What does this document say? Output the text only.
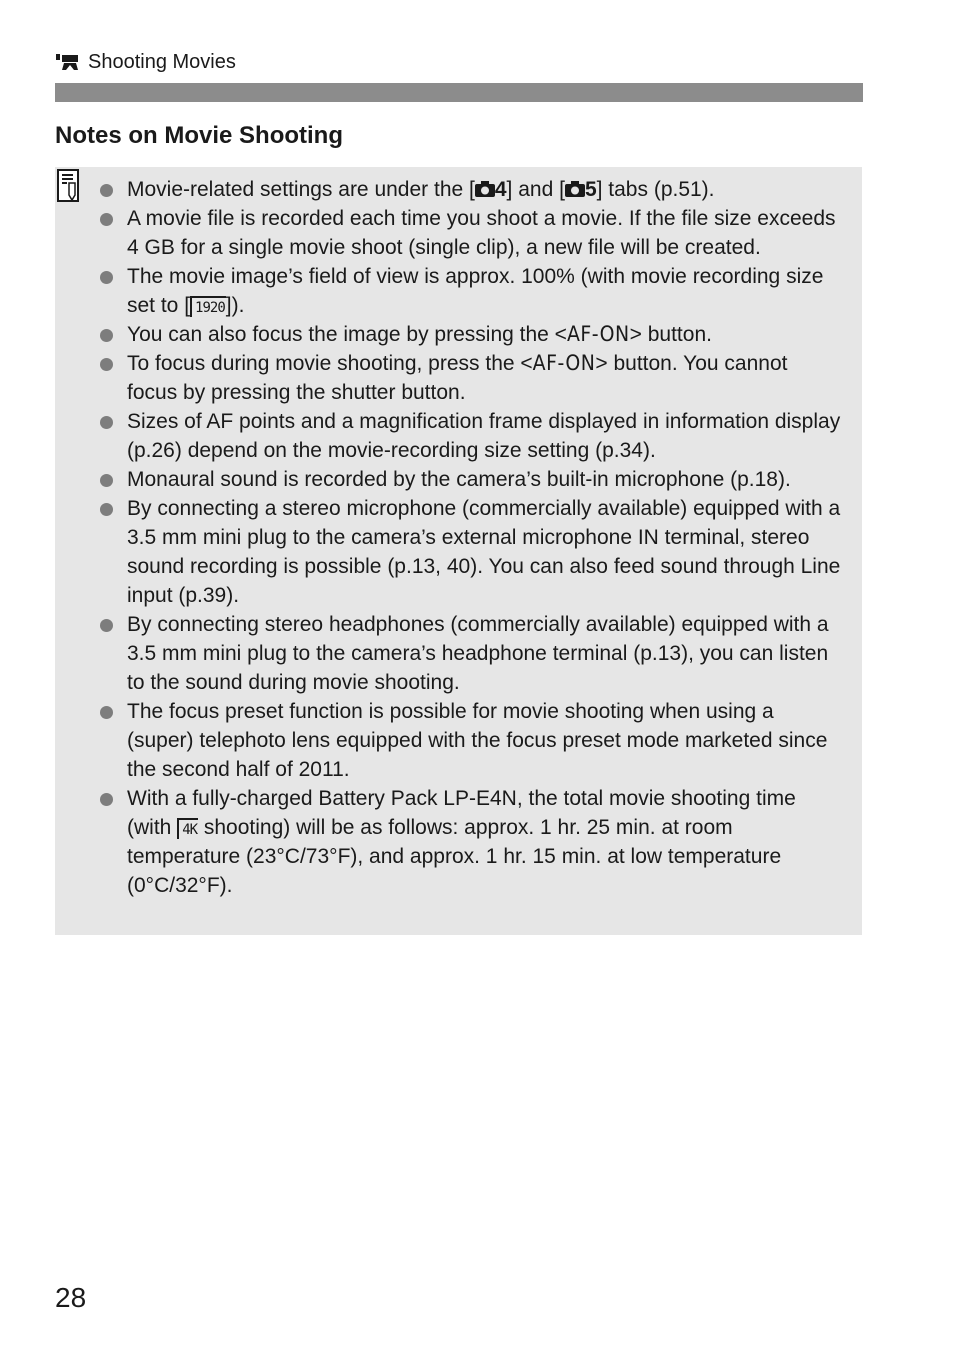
Shooting Movies
Notes on Movie Shooting
Movie-related settings are under the [ 4] and [ 5] tabs (p.51).
A movie file is recorded each time you shoot a movie. If the file size exceeds 4 GB for a single movie shoot (single clip), a new file will be created.
The movie image’s field of view is approx. 100% (with movie recording size set to [ 1920]).
You can also focus the image by pressing the <AF-ON> button.
To focus during movie shooting, press the <AF-ON> button. You cannot focus by pressing the shutter button.
Sizes of AF points and a magnification frame displayed in information display (p.26) depend on the movie-recording size setting (p.34).
Monaural sound is recorded by the camera’s built-in microphone (p.18).
By connecting a stereo microphone (commercially available) equipped with a 3.5 mm mini plug to the camera’s external microphone IN terminal, stereo sound recording is possible (p.13, 40). You can also feed sound through Line input (p.39).
By connecting stereo headphones (commercially available) equipped with a 3.5 mm mini plug to the camera’s headphone terminal (p.13), you can listen to the sound during movie shooting.
The focus preset function is possible for movie shooting when using a (super) telephoto lens equipped with the focus preset mode marketed since the second half of 2011.
With a fully-charged Battery Pack LP-E4N, the total movie shooting time (with 4K shooting) will be as follows: approx. 1 hr. 25 min. at room temperature (23°C/73°F), and approx. 1 hr. 15 min. at low temperature (0°C/32°F).
28
